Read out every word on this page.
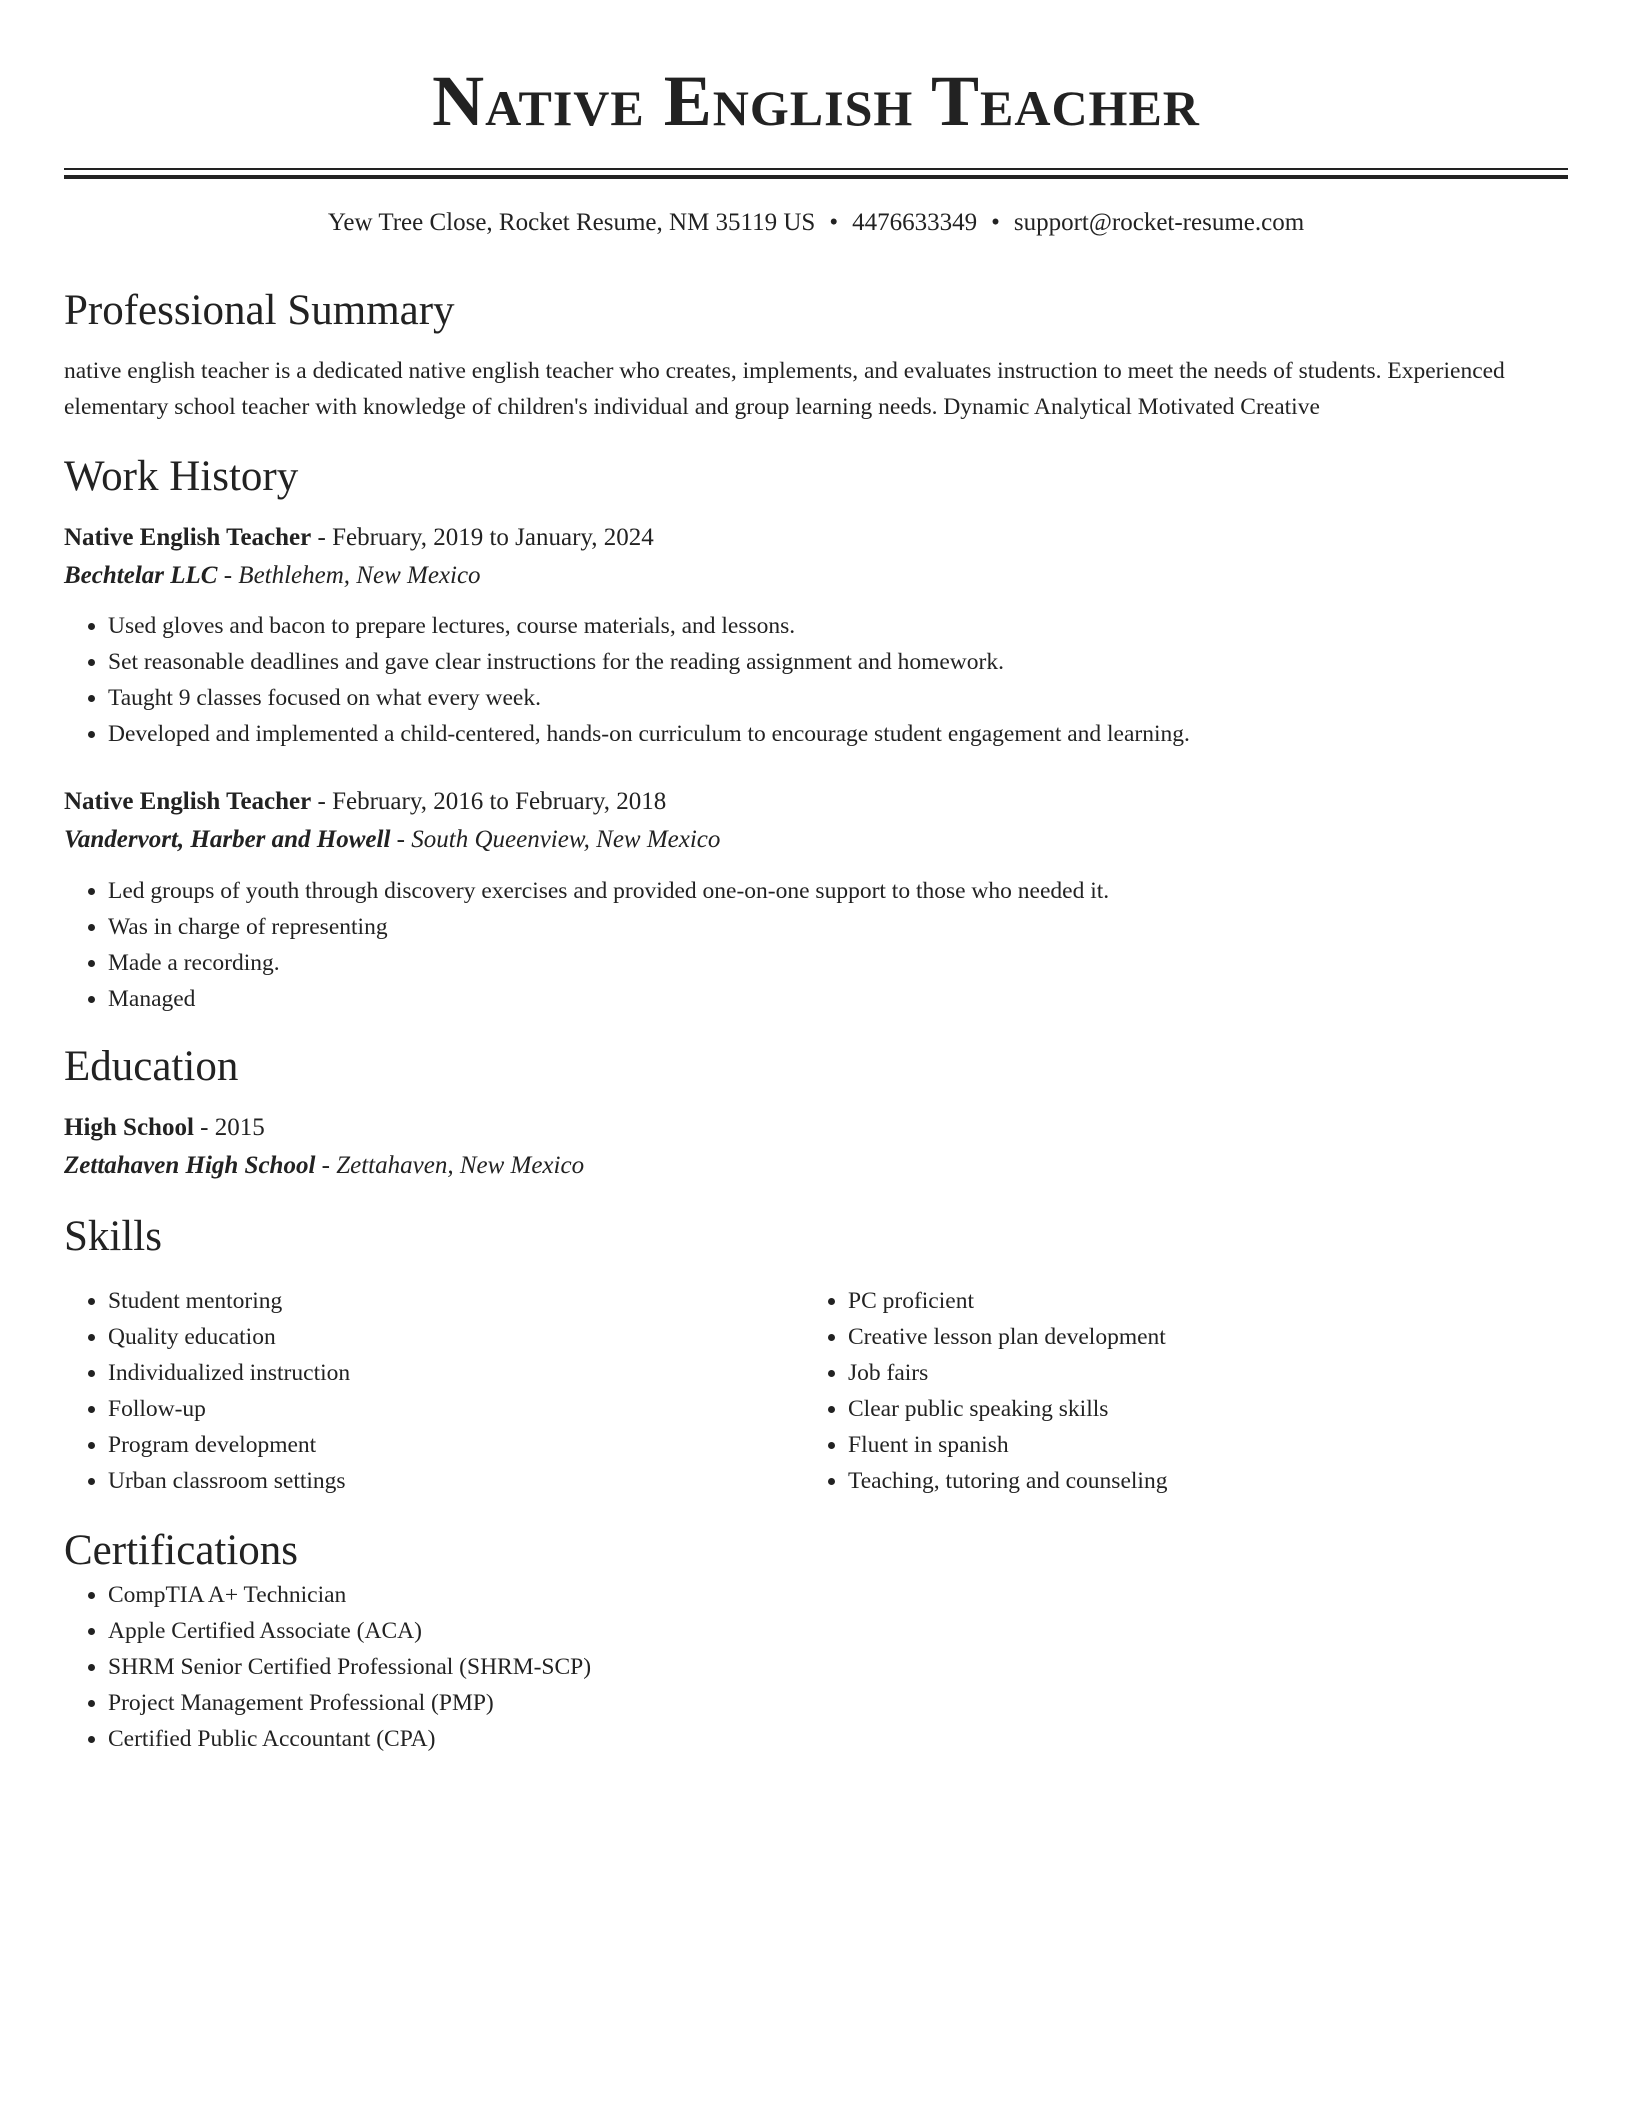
Native English Teacher
Yew Tree Close, Rocket Resume, NM 35119 US • 4476633349 • support@rocket-resume.com
Professional Summary
native english teacher is a dedicated native english teacher who creates, implements, and evaluates instruction to meet the needs of students. Experienced elementary school teacher with knowledge of children's individual and group learning needs. Dynamic Analytical Motivated Creative
Work History
Native English Teacher - February, 2019 to January, 2024
Bechtelar LLC - Bethlehem, New Mexico
• Used gloves and bacon to prepare lectures, course materials, and lessons.
• Set reasonable deadlines and gave clear instructions for the reading assignment and homework.
• Taught 9 classes focused on what every week.
• Developed and implemented a child-centered, hands-on curriculum to encourage student engagement and learning.
Native English Teacher - February, 2016 to February, 2018
Vandervort, Harber and Howell - South Queenview, New Mexico
• Led groups of youth through discovery exercises and provided one-on-one support to those who needed it.
• Was in charge of representing
• Made a recording.
• Managed
Education
High School - 2015
Zettahaven High School - Zettahaven, New Mexico
Skills
• Student mentoring
• Quality education
• Individualized instruction
• Follow-up
• Program development
• Urban classroom settings
• PC proficient
• Creative lesson plan development
• Job fairs
• Clear public speaking skills
• Fluent in spanish
• Teaching, tutoring and counseling
Certifications
• CompTIA A+ Technician
• Apple Certified Associate (ACA)
• SHRM Senior Certified Professional (SHRM-SCP)
• Project Management Professional (PMP)
• Certified Public Accountant (CPA)
